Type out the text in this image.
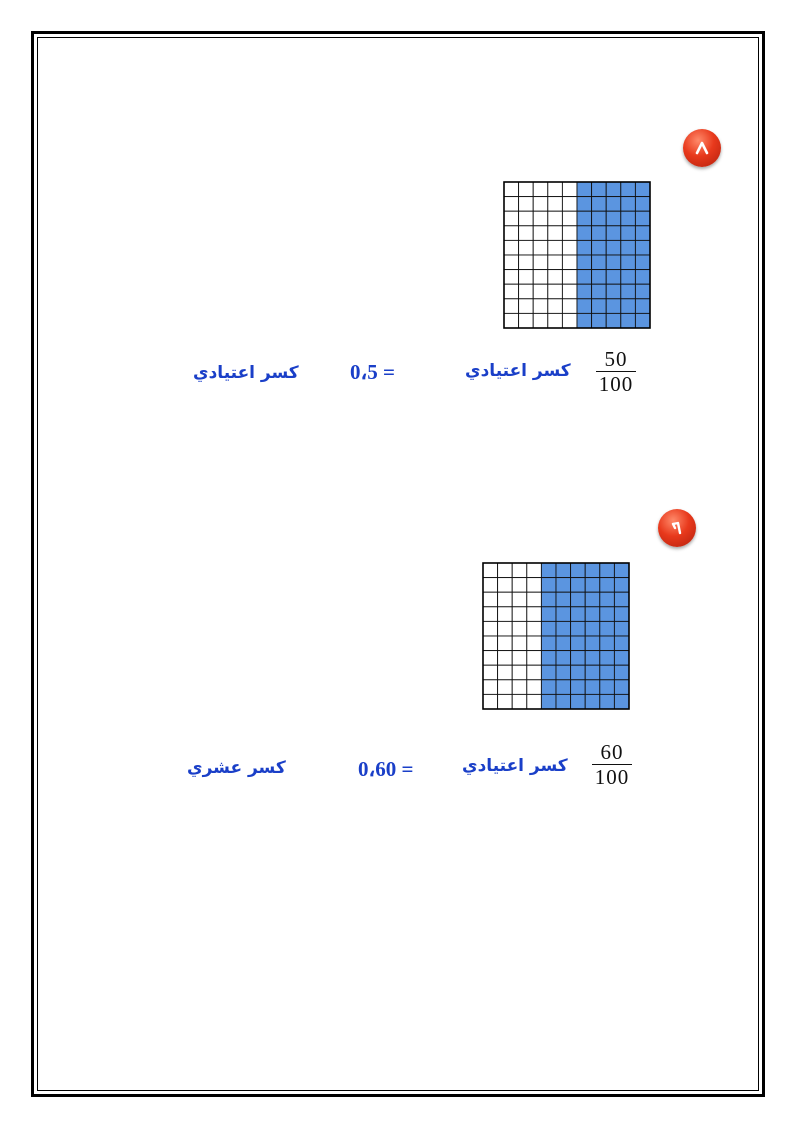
50
100
كسر اعتيادي
0،5 =
كسر اعتيادي
60
100
كسر اعتيادي
0،60 =
كسر عشري
